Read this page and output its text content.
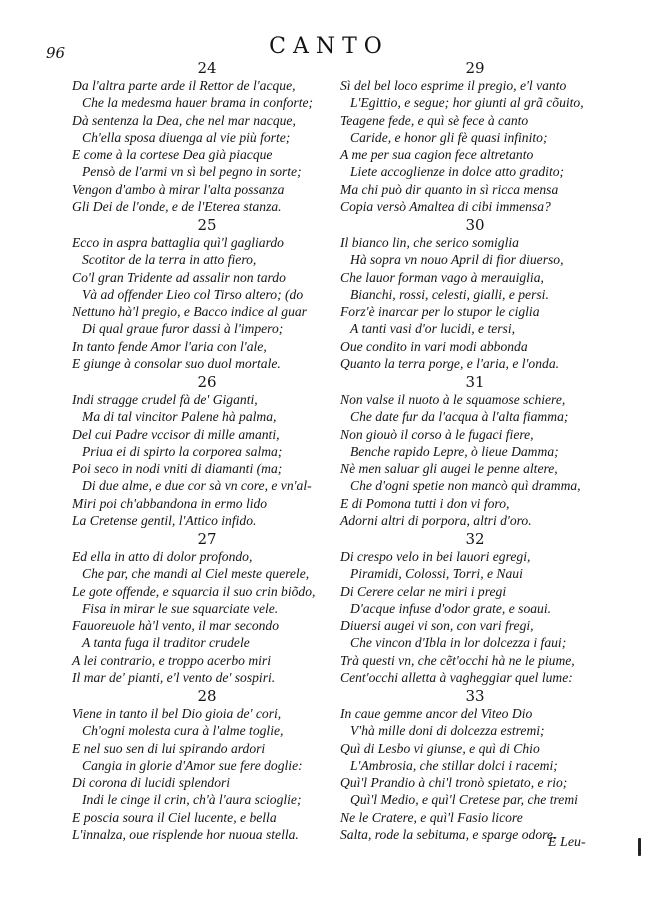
96	CANTO
24
Da l'altra parte arde il Rettor de l'acque,
Che la medesma hauer brama in conforte;
Dà sentenza la Dea, che nel mar nacque,
Ch'ella sposa diuenga al vie più forte;
E come à la cortese Dea già piacque
Pensò de l'armi vn sì bel pegno in sorte;
Vengon d'ambo à mirar l'alta possanza
Gli Dei de l'onde, e de l'Eterea stanza.
25
Ecco in aspra battaglia quì'l gagliardo
Scotitor de la terra in atto fiero,
Co'l gran Tridente ad assalir non tardo
Và ad offender Lieo col Tirso altero; (do
Nettuno hà'l pregio, e Bacco indice al guar
Di qual graue furor dassi à l'impero;
In tanto fende Amor l'aria con l'ale,
E giunge à consolar suo duol mortale.
26
Indi stragge crudel fà de' Giganti,
Ma di tal vincitor Palene hà palma,
Del cui Padre vccisor di mille amanti,
Priua ei di spirto la corporea salma;
Poi seco in nodi vniti di diamanti (ma;
Di due alme, e due cor sà vn core, e vn'al-
Miri poi ch'abbandona in ermo lido
La Cretense gentil, l'Attico infido.
27
Ed ella in atto di dolor profondo,
Che par, che mandi al Ciel meste querele,
Le gote offende, e squarcia il suo crin biõdo,
Fisa in mirar le sue squarciate vele.
Fauoreuole hà'l vento, il mar secondo
A tanta fuga il traditor crudele
A lei contrario, e troppo acerbo miri
Il mar de' pianti, e'l vento de' sospiri.
28
Viene in tanto il bel Dio gioia de' cori,
Ch'ogni molesta cura à l'alme toglie,
E nel suo sen di lui spirando ardori
Cangia in glorie d'Amor sue fere doglie:
Di corona di lucidi splendori
Indi le cinge il crin, ch'à l'aura scioglie;
E poscia soura il Ciel lucente, e bella
L'innalza, oue risplende hor nuoua stella.
29
Sì del bel loco esprime il pregio, e'l vanto
L'Egittio, e segue; hor giunti al grã cõuito,
Teagene fede, e quì sè fece à canto
Caride, e honor gli fè quasi infinito;
A me per sua cagion fece altretanto
Liete accoglienze in dolce atto gradito;
Ma chi può dir quanto in sì ricca mensa
Copia versò Amaltea di cibi immensa?
30
Il bianco lin, che serico somiglia
Hà sopra vn nouo April di fior diuerso,
Che lauor forman vago à merauiglia,
Bianchi, rossi, celesti, gialli, e persi.
Forz'è inarcar per lo stupor le ciglia
A tanti vasi d'or lucidi, e tersi,
Oue condito in vari modi abbonda
Quanto la terra porge, e l'aria, e l'onda.
31
Non valse il nuoto à le squamose schiere,
Che date fur da l'acqua à l'alta fiamma;
Non giouò il corso à le fugaci fiere,
Benche rapido Lepre, ò lieue Damma;
Nè men saluar gli augei le penne altere,
Che d'ogni spetie non mancò quì dramma,
E di Pomona tutti i don vi foro,
Adorni altri di porpora, altri d'oro.
32
Di crespo velo in bei lauori egregi,
Piramidi, Colossi, Torri, e Naui
Di Cerere celar ne miri i pregi
D'acque infuse d'odor grate, e soaui.
Diuersi augei vi son, con vari fregi,
Che vincon d'Ibla in lor dolcezza i faui;
Trà questi vn, che cẽt'occhi hà ne le piume,
Cent'occhi alletta à vagheggiar quel lume:
33
In caue gemme ancor del Viteo Dio
V'hà mille doni di dolcezza estremi;
Quì di Lesbo vi giunse, e quì di Chio
L'Ambrosia, che stillar dolci i racemi;
Quì'l Prandio à chi'l tronò spietato, e rio;
Quì'l Medio, e quì'l Cretese par, che tremi
Ne le Cratere, e quì'l Fasio licore
Salta, rode la sebituma, e sparge odore.
E Leu-
